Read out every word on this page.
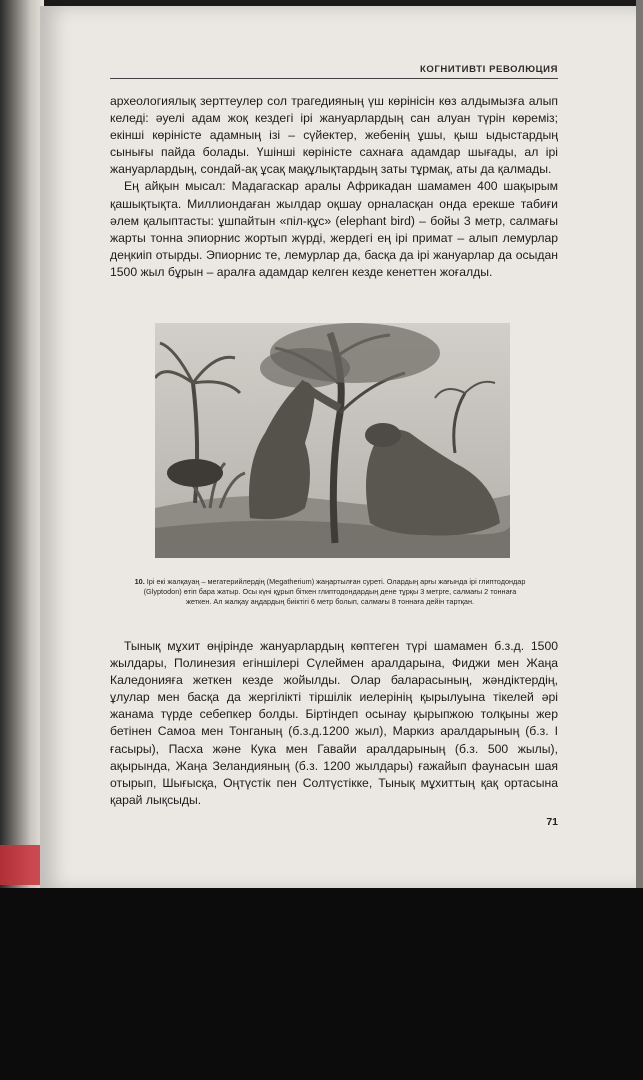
КОГНИТИВТІ РЕВОЛЮЦИЯ

археологиялық зерттеулер сол трагедияның үш көрінісін көз алдымызға алып келеді: әуелі адам жоқ кездегі ірі жануарлардың сан алуан түрін көреміз; екінші көріністе адамның ізі – сүйектер, жебенің ұшы, қыш ыдыстардың сынығы пайда болады. Үшінші көріністе сахнаға адамдар шығады, ал ірі жануарлардың, сондай-ақ ұсақ мақұлықтардың заты тұрмақ, аты да қалмады.

Ең айқын мысал: Мадагаскар аралы Африкадан шамамен 400 шақырым қашықтықта. Миллиондаған жылдар оқшау орналасқан онда ерекше табиғи әлем қалыптасты: ұшпайтын «піл-құс» (elephant bird) – бойы 3 метр, салмағы жарты тонна эпиорнис жортып жүрді, жердегі ең ірі примат – алып лемурлар деңкиіп отырды. Эпиорнис те, лемурлар да, басқа да ірі жануарлар да осыдан 1500 жыл бұрын – аралға адамдар келген кезде кенеттен жоғалды.

10. Ірі екі жалқауаң – мегатерийлердің (Megatherium) жаңартылған суреті. Олардың арғы жағында ірі глиптодондар (Glyptodon) өтіп бара жатыр. Осы күні құрып біткен глиптодондардың дене тұрқы 3 метрге, салмағы 2 тоннаға жеткен. Ал жалқау аңдардың биіктігі 6 метр болып, салмағы 8 тоннаға дейін тартқан.

Тынық мұхит өңірінде жануарлардың көптеген түрі шамамен б.з.д. 1500 жылдары, Полинезия егіншілері Сүлеймен аралдарына, Фиджи мен Жаңа Каледонияға жеткен кезде жойылды. Олар баларасының, жәндіктердің, ұлулар мен басқа да жергілікті тіршілік иелерінің қырылуына тікелей әрі жанама түрде себепкер болды. Біртіндеп осынау қырыпжою толқыны жер бетінен Самоа мен Тонганың (б.з.д.1200 жыл), Маркиз аралдарының (б.з. І ғасыры), Пасха және Кука мен Гавайи аралдарының (б.з. 500 жылы), ақырында, Жаңа Зеландияның (б.з. 1200 жылдары) ғажайып фаунасын шая отырып, Шығысқа, Оңтүстік пен Солтүстікке, Тынық мұхиттың қақ ортасына қарай лықсыды.

71
